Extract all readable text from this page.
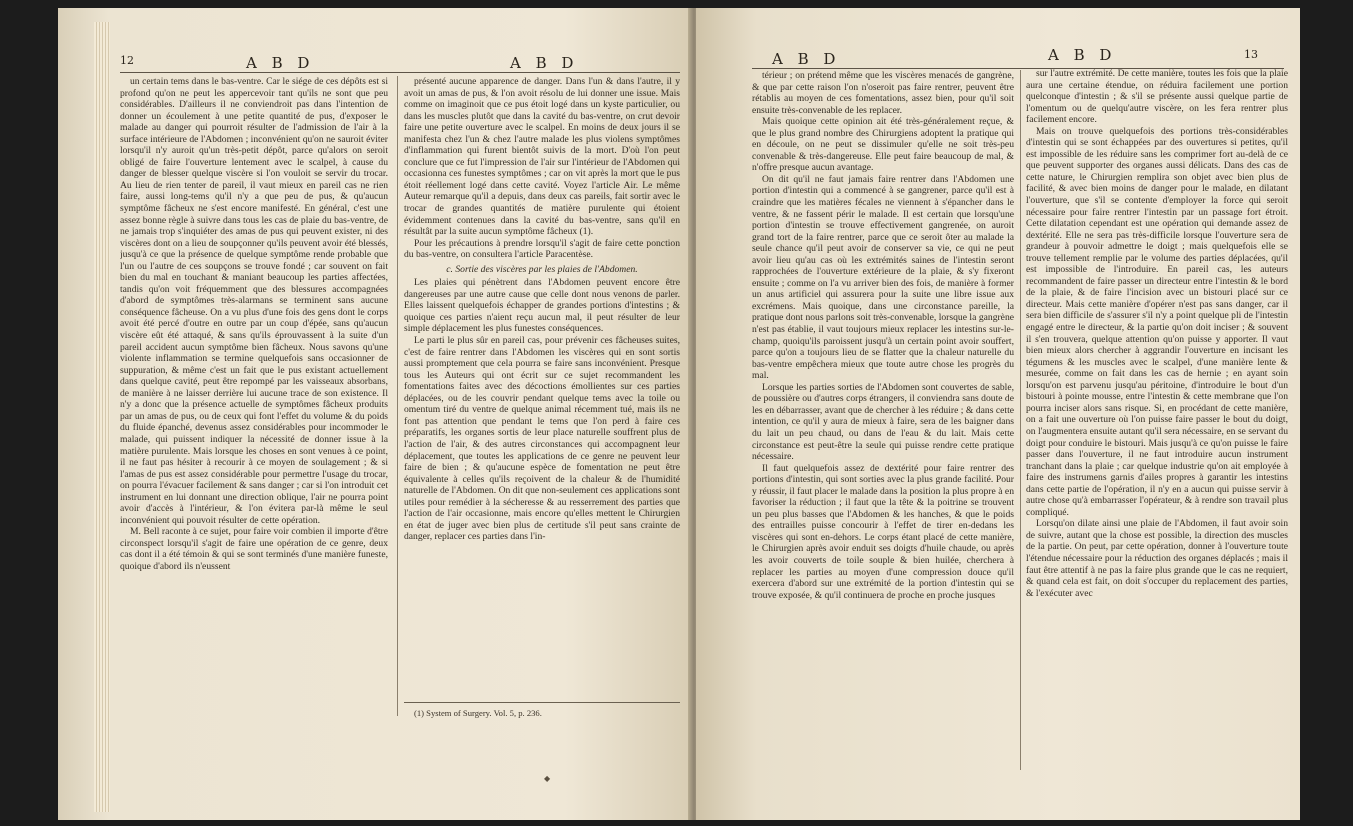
12	A B D	A B D

un certain tems dans le bas-ventre. Car le siége de ces dépôts est si profond qu'on ne peut les appercevoir tant qu'ils ne sont que peu considérables. D'ailleurs il ne conviendroit pas dans l'intention de donner un écoulement à une petite quantité de pus, d'exposer le malade au danger qui pourroit résulter de l'admission de l'air à la surface intérieure de l'Abdomen ; inconvénient qu'on ne sauroit éviter lorsqu'il n'y auroit qu'un très-petit dépôt, parce qu'alors on seroit obligé de faire l'ouverture lentement avec le scalpel, à cause du danger de blesser quelque viscère si l'on vouloit se servir du trocar. Au lieu de rien tenter de pareil, il vaut mieux en pareil cas ne rien faire, aussi long-tems qu'il n'y a que peu de pus, & qu'aucun symptôme fâcheux ne s'est encore manifesté. En général, c'est une assez bonne règle à suivre dans tous les cas de plaie du bas-ventre, de ne jamais trop s'inquiéter des amas de pus qui peuvent exister, ni des viscères dont on a lieu de soupçonner qu'ils peuvent avoir été blessés, jusqu'à ce que la présence de quelque symptôme rende probable que l'un ou l'autre de ces soupçons se trouve fondé ; car souvent on fait bien du mal en touchant & maniant beaucoup les parties affectées, tandis qu'on voit fréquemment que des blessures accompagnées d'abord de symptômes très-alarmans se terminent sans aucune conséquence fâcheuse. On a vu plus d'une fois des gens dont le corps avoit été percé d'outre en outre par un coup d'épée, sans qu'aucun viscère eût été attaqué, & sans qu'ils éprouvassent à la suite d'un pareil accident aucun symptôme bien fâcheux. Nous savons qu'une violente inflammation se termine quelquefois sans occasionner de suppuration, & même c'est un fait que le pus existant actuellement dans quelque cavité, peut être repompé par les vaisseaux absorbans, de manière à ne laisser derrière lui aucune trace de son existence. Il n'y a donc que la présence actuelle de symptômes fâcheux produits par un amas de pus, ou de ceux qui font l'effet du volume & du poids du fluide épanché, devenus assez considérables pour incommoder le malade, qui puissent indiquer la nécessité de donner issue à la matière purulente. Mais lorsque les choses en sont venues à ce point, il ne faut pas hésiter à recourir à ce moyen de soulagement ; & si l'amas de pus est assez considérable pour permettre l'usage du trocar, on pourra l'évacuer facilement & sans danger ; car si l'on introduit cet instrument en lui donnant une direction oblique, l'air ne pourra point avoir d'accès à l'intérieur, & l'on évitera par-là même le seul inconvénient qui pouvoit résulter de cette opération.

M. Bell raconte à ce sujet, pour faire voir combien il importe d'être circonspect lorsqu'il s'agit de faire une opération de ce genre, deux cas dont il a été témoin & qui se sont terminés d'une manière funeste, quoique d'abord ils n'eussent

présenté aucune apparence de danger. Dans l'un & dans l'autre, il y avoit un amas de pus, & l'on avoit résolu de lui donner une issue. Mais comme on imaginoit que ce pus étoit logé dans un kyste particulier, ou dans les muscles plutôt que dans la cavité du bas-ventre, on crut devoir faire une petite ouverture avec le scalpel. En moins de deux jours il se manifesta chez l'un & chez l'autre malade les plus violens symptômes d'inflammation qui furent bientôt suivis de la mort. D'où l'on peut conclure que ce fut l'impression de l'air sur l'intérieur de l'Abdomen qui occasionna ces funestes symptômes ; car on vit après la mort que le pus étoit réellement logé dans cette cavité. Voyez l'article Air. Le même Auteur remarque qu'il a depuis, dans deux cas pareils, fait sortir avec le trocar de grandes quantités de matière purulente qui étoient évidemment contenues dans la cavité du bas-ventre, sans qu'il en résultât par la suite aucun symptôme fâcheux (1).

Pour les précautions à prendre lorsqu'il s'agit de faire cette ponction du bas-ventre, on consultera l'article Paracentèse.

c. Sortie des viscères par les plaies de l'Abdomen.

Les plaies qui pénètrent dans l'Abdomen peuvent encore être dangereuses par une autre cause que celle dont nous venons de parler. Elles laissent quelquefois échapper de grandes portions d'intestins ; & quoique ces parties n'aient reçu aucun mal, il peut résulter de leur simple déplacement les plus funestes conséquences.

Le parti le plus sûr en pareil cas, pour prévenir ces fâcheuses suites, c'est de faire rentrer dans l'Abdomen les viscères qui en sont sortis aussi promptement que cela pourra se faire sans inconvénient. Presque tous les Auteurs qui ont écrit sur ce sujet recommandent les fomentations faites avec des décoctions émollientes sur ces parties déplacées, ou de les couvrir pendant quelque tems avec la toile ou omentum tiré du ventre de quelque animal récemment tué, mais ils ne font pas attention que pendant le tems que l'on perd à faire ces préparatifs, les organes sortis de leur place naturelle souffrent plus de l'action de l'air, & des autres circonstances qui accompagnent leur déplacement, que toutes les applications de ce genre ne peuvent leur faire de bien ; & qu'aucune espèce de fomentation ne peut être équivalente à celles qu'ils reçoivent de la chaleur & de l'humidité naturelle de l'Abdomen. On dit que non-seulement ces applications sont utiles pour remédier à la sécheresse & au resserrement des parties que l'action de l'air occasionne, mais encore qu'elles mettent le Chirurgien en état de juger avec bien plus de certitude s'il peut sans crainte de danger, replacer ces parties dans l'in-

(1) System of Surgery. Vol. 5, p. 236.
◆
A B D	A B D	13

térieur ; on prétend même que les viscères menacés de gangrène, & que par cette raison l'on n'oseroit pas faire rentrer, peuvent être rétablis au moyen de ces fomentations, assez bien, pour qu'il soit ensuite très-convenable de les replacer.

Mais quoique cette opinion ait été très-généralement reçue, & que le plus grand nombre des Chirurgiens adoptent la pratique qui en découle, on ne peut se dissimuler qu'elle ne soit très-peu convenable & très-dangereuse. Elle peut faire beaucoup de mal, & n'offre presque aucun avantage.

On dit qu'il ne faut jamais faire rentrer dans l'Abdomen une portion d'intestin qui a commencé à se gangrener, parce qu'il est à craindre que les matières fécales ne viennent à s'épancher dans le ventre, & ne fassent périr le malade. Il est certain que lorsqu'une portion d'intestin se trouve effectivement gangrenée, on auroit grand tort de la faire rentrer, parce que ce seroit ôter au malade la seule chance qu'il peut avoir de conserver sa vie, ce qui ne peut avoir lieu qu'au cas où les extrémités saines de l'intestin seront rapprochées de l'ouverture extérieure de la plaie, & s'y fixeront ensuite ; comme on l'a vu arriver bien des fois, de manière à former un anus artificiel qui assurera pour la suite une libre issue aux excrémens. Mais quoique, dans une circonstance pareille, la pratique dont nous parlons soit très-convenable, lorsque la gangrène n'est pas établie, il vaut toujours mieux replacer les intestins sur-le-champ, quoiqu'ils paroissent jusqu'à un certain point avoir souffert, parce qu'on a toujours lieu de se flatter que la chaleur naturelle du bas-ventre empêchera mieux que toute autre chose les progrès du mal.

Lorsque les parties sorties de l'Abdomen sont couvertes de sable, de poussière ou d'autres corps étrangers, il conviendra sans doute de les en débarrasser, avant que de chercher à les réduire ; & dans cette intention, ce qu'il y aura de mieux à faire, sera de les baigner dans du lait un peu chaud, ou dans de l'eau & du lait. Mais cette circonstance est peut-être la seule qui puisse rendre cette pratique nécessaire.

Il faut quelquefois assez de dextérité pour faire rentrer des portions d'intestin, qui sont sorties avec la plus grande facilité. Pour y réussir, il faut placer le malade dans la position la plus propre à en favoriser la réduction ; il faut que la tête & la poitrine se trouvent un peu plus basses que l'Abdomen & les hanches, & que le poids des entrailles puisse concourir à l'effet de tirer en-dedans les viscères qui sont en-dehors. Le corps étant placé de cette manière, le Chirurgien après avoir enduit ses doigts d'huile chaude, ou après les avoir couverts de toile souple & bien huilée, cherchera à replacer les parties au moyen d'une compression douce qu'il exercera d'abord sur une extrémité de la portion d'intestin qui se trouve exposée, & qu'il continuera de proche en proche jusques

sur l'autre extrémité. De cette manière, toutes les fois que la plaie aura une certaine étendue, on réduira facilement une portion quelconque d'intestin ; & s'il se présente aussi quelque partie de l'omentum ou de quelqu'autre viscère, on les fera rentrer plus facilement encore.

Mais on trouve quelquefois des portions très-considérables d'intestin qui se sont échappées par des ouvertures si petites, qu'il est impossible de les réduire sans les comprimer fort au-delà de ce que peuvent supporter des organes aussi délicats. Dans des cas de cette nature, le Chirurgien remplira son objet avec bien plus de facilité, & avec bien moins de danger pour le malade, en dilatant l'ouverture, que s'il se contente d'employer la force qui seroit nécessaire pour faire rentrer l'intestin par un passage fort étroit. Cette dilatation cependant est une opération qui demande assez de dextérité. Elle ne sera pas très-difficile lorsque l'ouverture sera de grandeur à pouvoir admettre le doigt ; mais quelquefois elle se trouve tellement remplie par le volume des parties déplacées, qu'il est impossible de l'introduire. En pareil cas, les auteurs recommandent de faire passer un directeur entre l'intestin & le bord de la plaie, & de faire l'incision avec un bistouri placé sur ce directeur. Mais cette manière d'opérer n'est pas sans danger, car il sera bien difficile de s'assurer s'il n'y a point quelque pli de l'intestin engagé entre le directeur, & la partie qu'on doit inciser ; & souvent il s'en trouvera, quelque attention qu'on puisse y apporter. Il vaut bien mieux alors chercher à aggrandir l'ouverture en incisant les tégumens & les muscles avec le scalpel, d'une manière lente & mesurée, comme on fait dans les cas de hernie ; en ayant soin lorsqu'on est parvenu jusqu'au péritoine, d'introduire le bout d'un bistouri à pointe mousse, entre l'intestin & cette membrane que l'on pourra inciser alors sans risque. Si, en procédant de cette manière, on a fait une ouverture où l'on puisse faire passer le bout du doigt, on l'augmentera ensuite autant qu'il sera nécessaire, en se servant du doigt pour conduire le bistouri. Mais jusqu'à ce qu'on puisse le faire passer dans l'ouverture, il ne faut introduire aucun instrument tranchant dans la plaie ; car quelque industrie qu'on ait employée à faire des instrumens garnis d'ailes propres à garantir les intestins dans cette partie de l'opération, il n'y en a aucun qui puisse servir à autre chose qu'à embarrasser l'opérateur, & à rendre son travail plus compliqué.

Lorsqu'on dilate ainsi une plaie de l'Abdomen, il faut avoir soin de suivre, autant que la chose est possible, la direction des muscles de la partie. On peut, par cette opération, donner à l'ouverture toute l'étendue nécessaire pour la réduction des organes déplacés ; mais il faut être attentif à ne pas la faire plus grande que le cas ne requiert, & quand cela est fait, on doit s'occuper du replacement des parties, & l'exécuter avec
